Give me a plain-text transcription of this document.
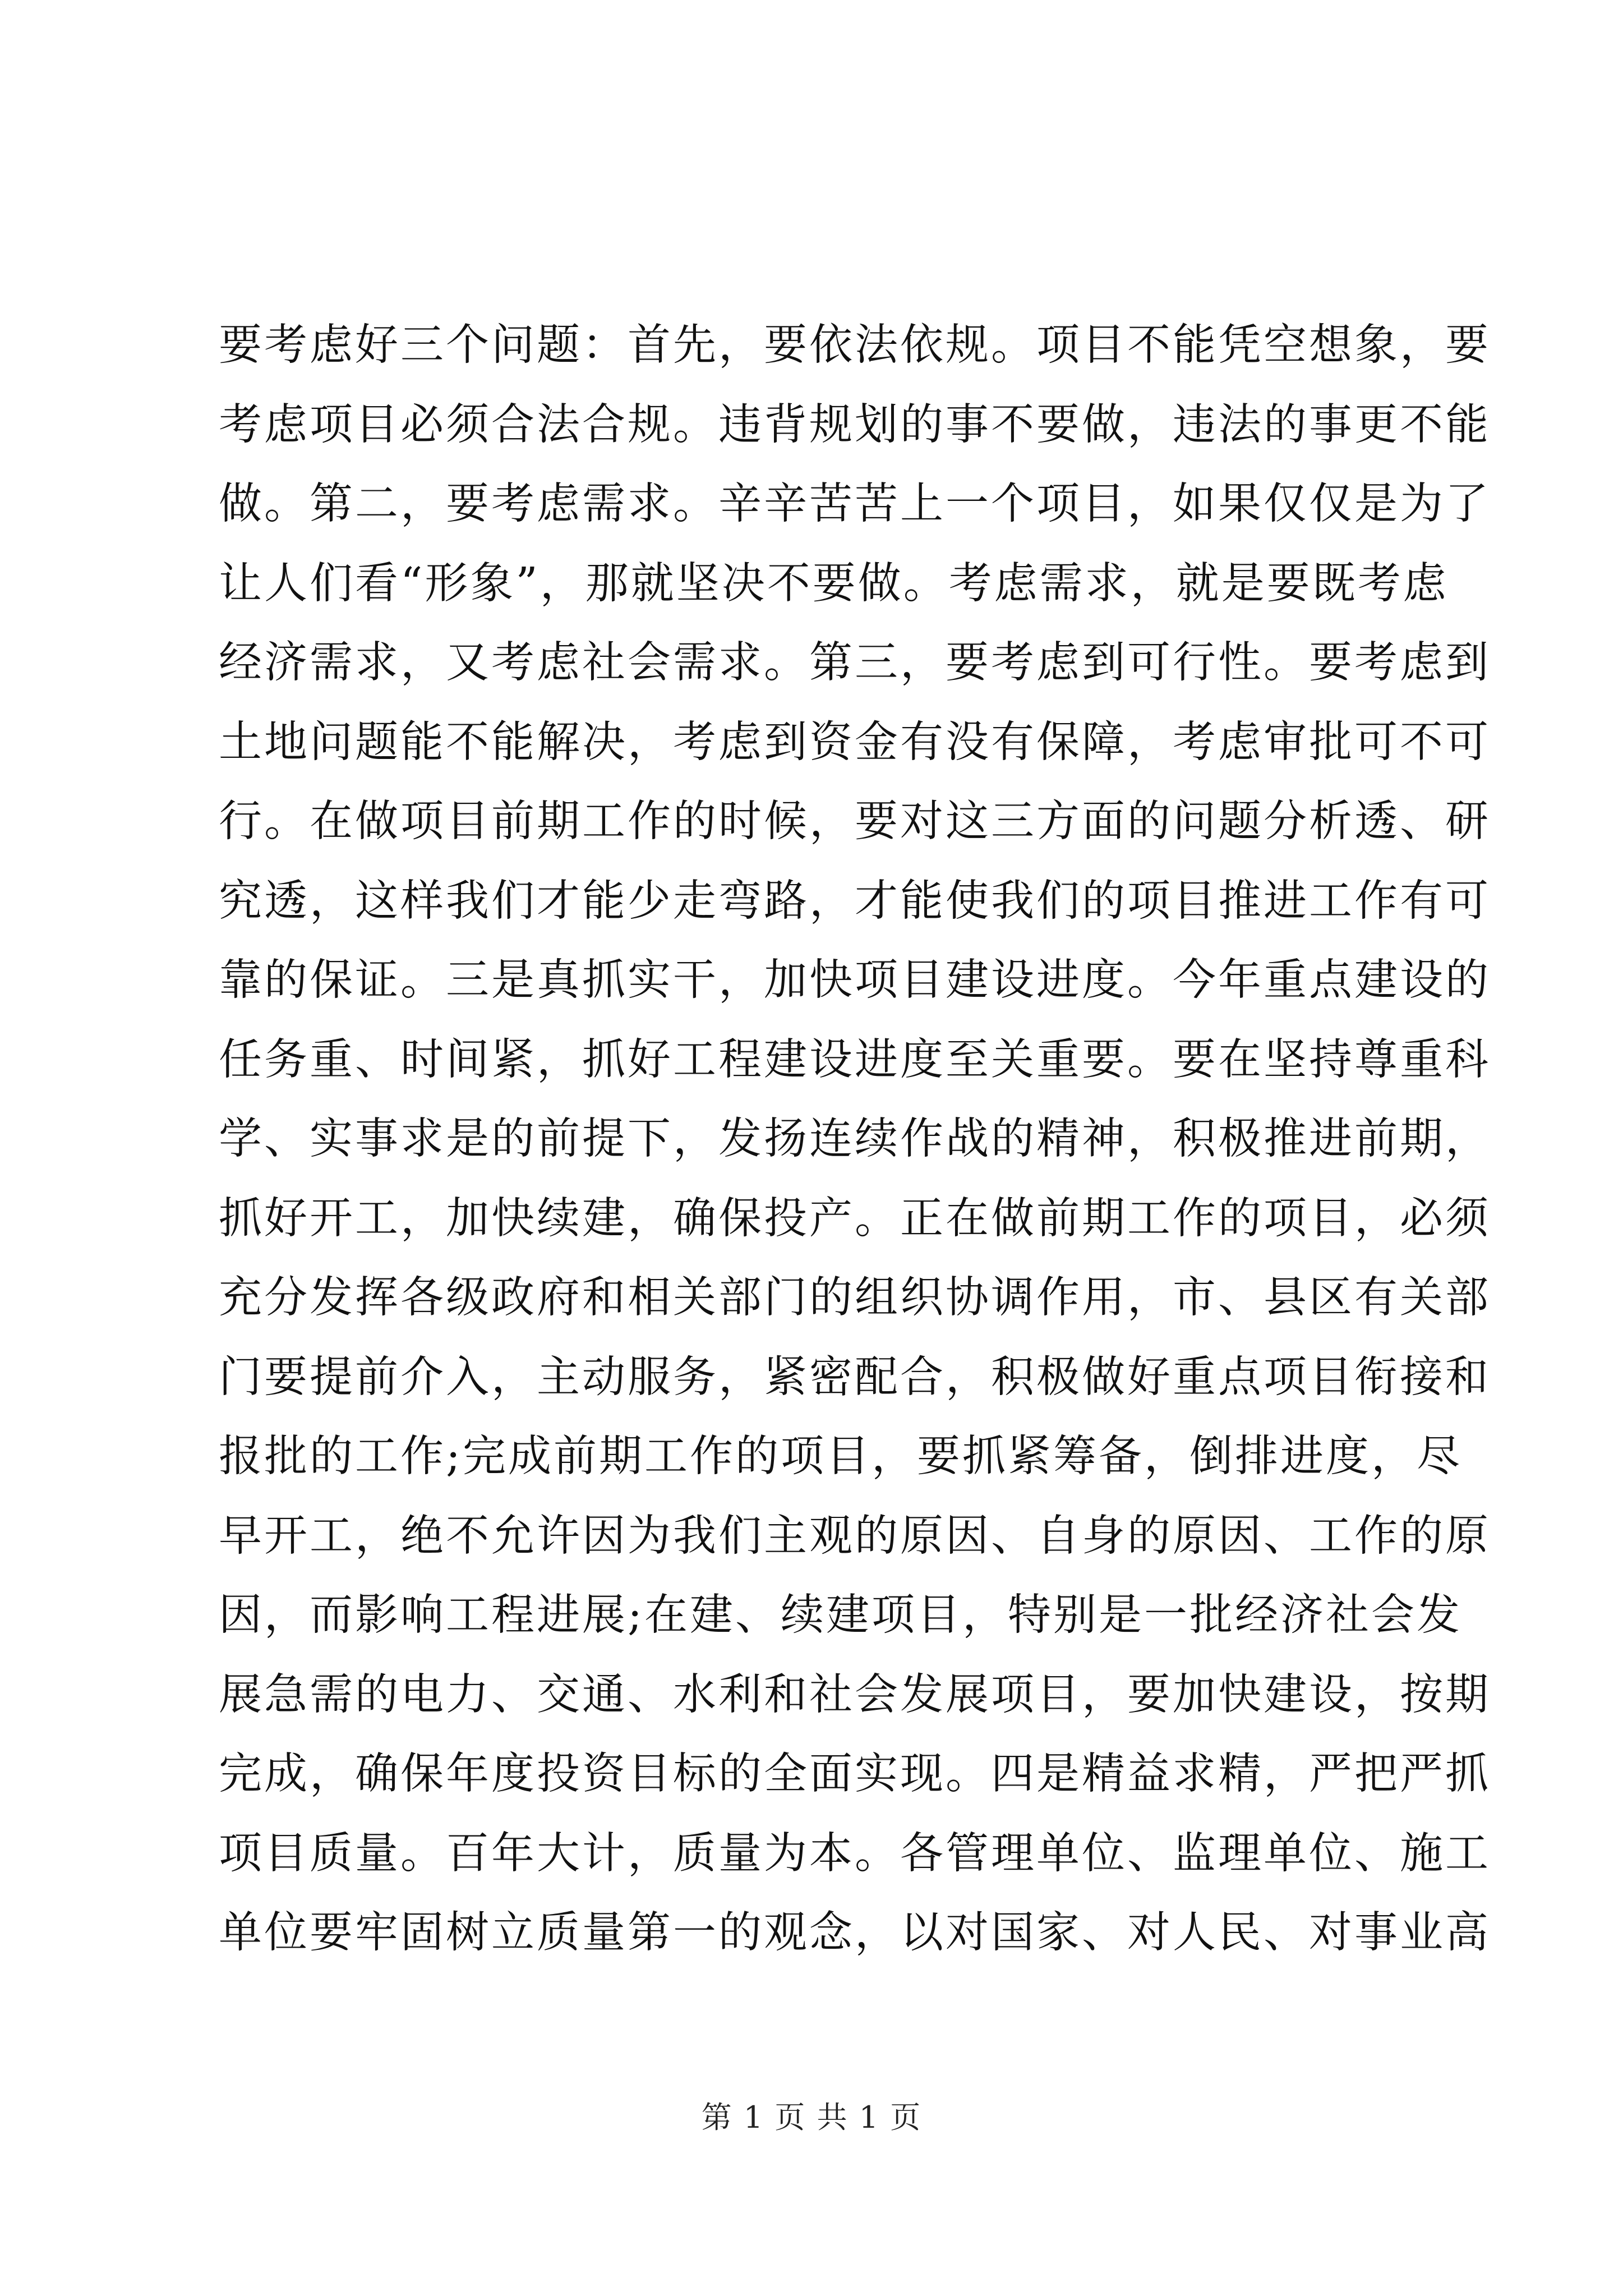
要考虑好三个问题：首先，要依法依规。项目不能凭空想象，要
考虑项目必须合法合规。违背规划的事不要做，违法的事更不能
做。第二，要考虑需求。辛辛苦苦上一个项目，如果仅仅是为了
让人们看“形象”，那就坚决不要做。考虑需求，就是要既考虑
经济需求，又考虑社会需求。第三，要考虑到可行性。要考虑到
土地问题能不能解决，考虑到资金有没有保障，考虑审批可不可
行。在做项目前期工作的时候，要对这三方面的问题分析透、研
究透，这样我们才能少走弯路，才能使我们的项目推进工作有可
靠的保证。三是真抓实干，加快项目建设进度。今年重点建设的
任务重、时间紧，抓好工程建设进度至关重要。要在坚持尊重科
学、实事求是的前提下，发扬连续作战的精神，积极推进前期，
抓好开工，加快续建，确保投产。正在做前期工作的项目，必须
充分发挥各级政府和相关部门的组织协调作用，市、县区有关部
门要提前介入，主动服务，紧密配合，积极做好重点项目衔接和
报批的工作;完成前期工作的项目，要抓紧筹备，倒排进度，尽
早开工，绝不允许因为我们主观的原因、自身的原因、工作的原
因，而影响工程进展;在建、续建项目，特别是一批经济社会发
展急需的电力、交通、水利和社会发展项目，要加快建设，按期
完成，确保年度投资目标的全面实现。四是精益求精，严把严抓
项目质量。百年大计，质量为本。各管理单位、监理单位、施工
单位要牢固树立质量第一的观念，以对国家、对人民、对事业高
第 1 页 共 1 页
